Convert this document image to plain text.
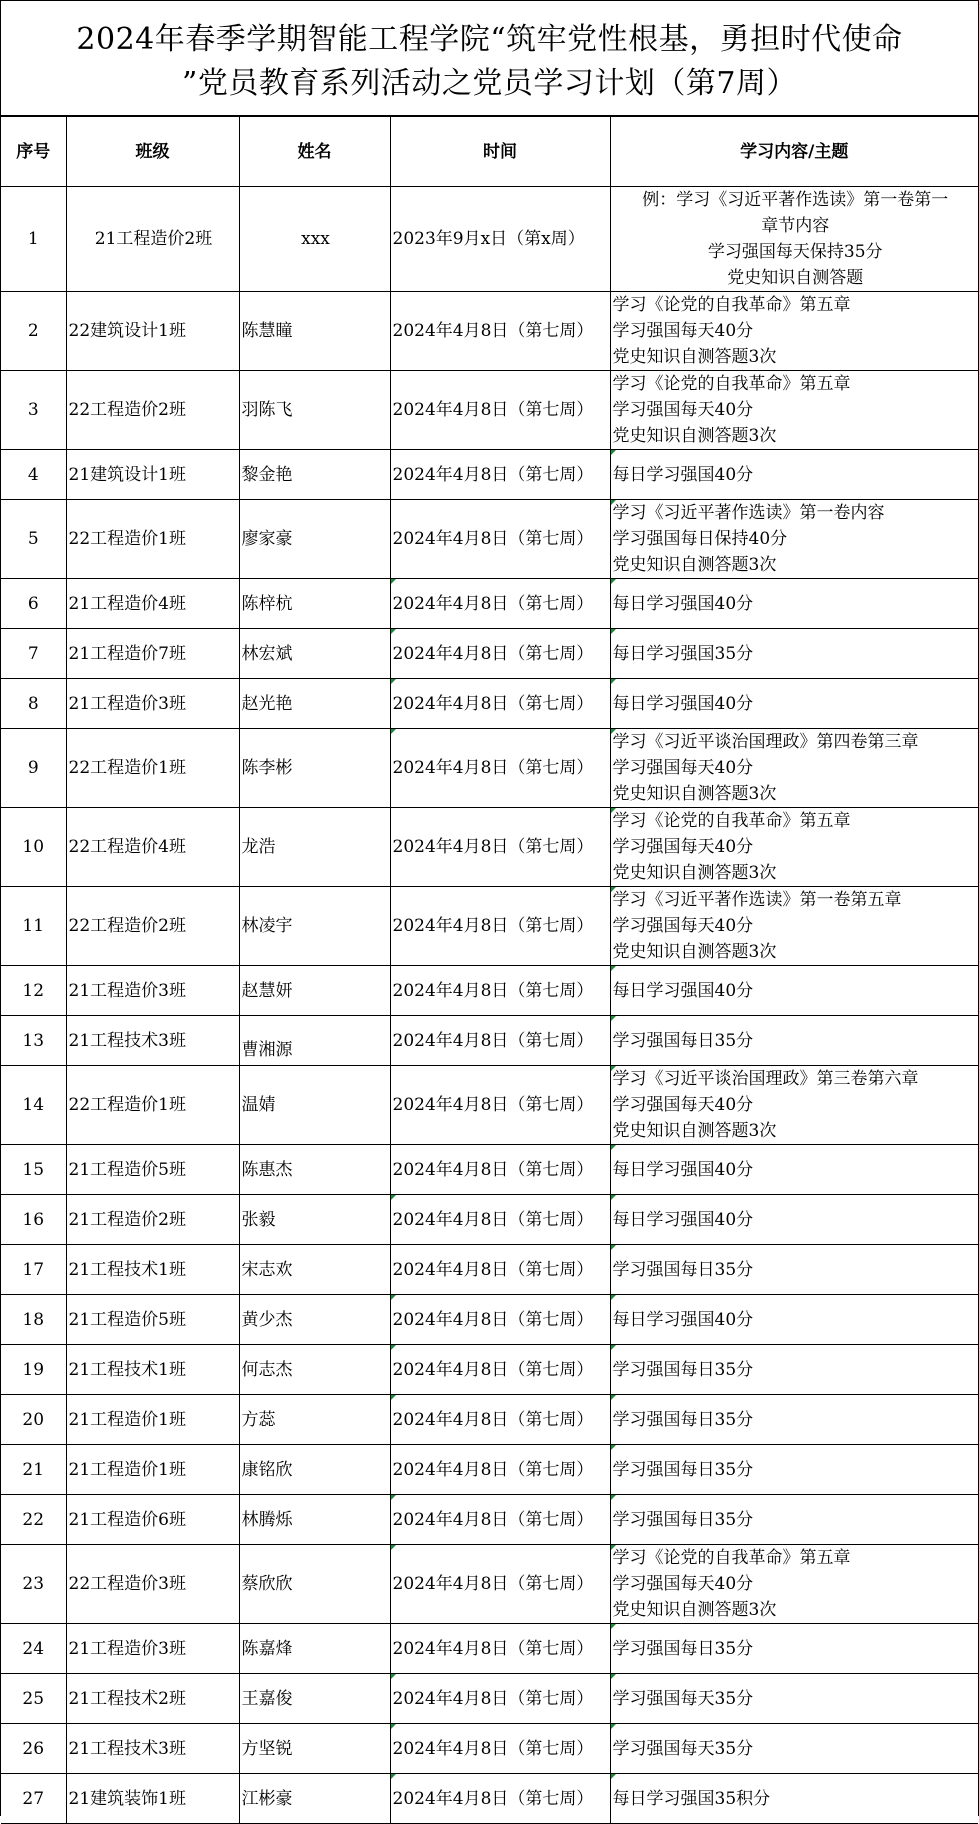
2024年春季学期智能工程学院“筑牢党性根基，勇担时代使命
”党员教育系列活动之党员学习计划（第7周）
序号	班级	姓名	时间	学习内容/主题
1	21工程造价2班	xxx	2023年9月x日（第x周）	例：学习《习近平著作选读》第一卷第一
章节内容
学习强国每天保持35分
党史知识自测答题
2	22建筑设计1班	陈慧瞳	2024年4月8日（第七周）	学习《论党的自我革命》第五章
学习强国每天40分
党史知识自测答题3次
3	22工程造价2班	羽陈飞	2024年4月8日（第七周）	学习《论党的自我革命》第五章
学习强国每天40分
党史知识自测答题3次
4	21建筑设计1班	黎金艳	2024年4月8日（第七周）	每日学习强国40分
5	22工程造价1班	廖家豪	2024年4月8日（第七周）	学习《习近平著作选读》第一卷内容
学习强国每日保持40分
党史知识自测答题3次
6	21工程造价4班	陈梓杭	2024年4月8日（第七周）	每日学习强国40分
7	21工程造价7班	林宏斌	2024年4月8日（第七周）	每日学习强国35分
8	21工程造价3班	赵光艳	2024年4月8日（第七周）	每日学习强国40分
9	22工程造价1班	陈李彬	2024年4月8日（第七周）	学习《习近平谈治国理政》第四卷第三章
学习强国每天40分
党史知识自测答题3次
10	22工程造价4班	龙浩	2024年4月8日（第七周）	学习《论党的自我革命》第五章
学习强国每天40分
党史知识自测答题3次
11	22工程造价2班	林凌宇	2024年4月8日（第七周）	学习《习近平著作选读》第一卷第五章
学习强国每天40分
党史知识自测答题3次
12	21工程造价3班	赵慧妍	2024年4月8日（第七周）	每日学习强国40分
13	21工程技术3班	曹湘源	2024年4月8日（第七周）	学习强国每日35分
14	22工程造价1班	温婧	2024年4月8日（第七周）	学习《习近平谈治国理政》第三卷第六章
学习强国每天40分
党史知识自测答题3次
15	21工程造价5班	陈惠杰	2024年4月8日（第七周）	每日学习强国40分
16	21工程造价2班	张毅	2024年4月8日（第七周）	每日学习强国40分
17	21工程技术1班	宋志欢	2024年4月8日（第七周）	学习强国每日35分
18	21工程造价5班	黄少杰	2024年4月8日（第七周）	每日学习强国40分
19	21工程技术1班	何志杰	2024年4月8日（第七周）	学习强国每日35分
20	21工程造价1班	方蕊	2024年4月8日（第七周）	学习强国每日35分
21	21工程造价1班	康铭欣	2024年4月8日（第七周）	学习强国每日35分
22	21工程造价6班	林腾烁	2024年4月8日（第七周）	学习强国每日35分
23	22工程造价3班	蔡欣欣	2024年4月8日（第七周）	学习《论党的自我革命》第五章
学习强国每天40分
党史知识自测答题3次
24	21工程造价3班	陈嘉烽	2024年4月8日（第七周）	学习强国每日35分
25	21工程技术2班	王嘉俊	2024年4月8日（第七周）	学习强国每天35分
26	21工程技术3班	方坚锐	2024年4月8日（第七周）	学习强国每天35分
27	21建筑装饰1班	江彬豪	2024年4月8日（第七周）	每日学习强国35积分
